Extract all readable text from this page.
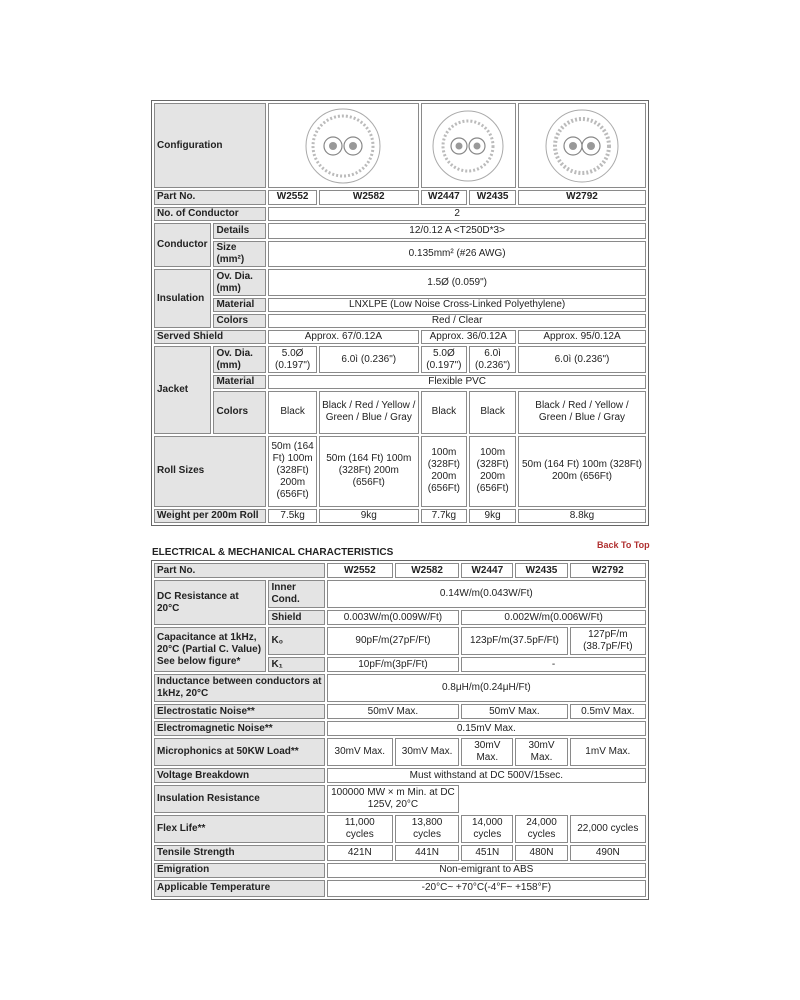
Configuration	

Part No.		W2552	W2582	W2447	W2435	W2792
No. of Conductor		2				
Conductor	Details	12/0.12 A <T250D*3>				
	Size (mm²)	0.135mm² (#26 AWG)				
Insulation	Ov. Dia. (mm)	1.5Ø (0.059")				
	Material	LNXLPE (Low Noise Cross-Linked Polyethylene)				
	Colors	Red / Clear				
Served Shield		Approx. 67/0.12A		Approx. 36/0.12A		Approx. 95/0.12A
Jacket	Ov. Dia. (mm)	5.0Ø (0.197")	6.0ì (0.236")	5.0Ø (0.197")	6.0ì (0.236")	6.0ì (0.236")
	Material	Flexible PVC				
	Colors	Black	Black / Red / Yellow / Green / Blue / Gray	Black	Black	Black / Red / Yellow / Green / Blue / Gray
Roll Sizes		50m (164 Ft) 100m (328Ft) 200m (656Ft)	50m (164 Ft) 100m (328Ft) 200m (656Ft)	100m (328Ft) 200m (656Ft)	100m (328Ft) 200m (656Ft)	50m (164 Ft) 100m (328Ft) 200m (656Ft)
Weight per 200m Roll		7.5kg	9kg	7.7kg	9kg	8.8kg
Back To Top
ELECTRICAL & MECHANICAL CHARACTERISTICS
Part No.		W2552	W2582	W2447	W2435	W2792
DC Resistance at 20°C	Inner Cond.	0.14W/m(0.043W/Ft)				
	Shield	0.003W/m(0.009W/Ft)		0.002W/m(0.006W/Ft)		
Capacitance at 1kHz, 20°C (Partial C. Value) See below figure*	K₀	90pF/m(27pF/Ft)		123pF/m(37.5pF/Ft)		127pF/m (38.7pF/Ft)
	K₁	10pF/m(3pF/Ft)		-		
Inductance between conductors at 1kHz, 20°C		0.8μH/m(0.24μH/Ft)				
Electrostatic Noise**		50mV Max.		50mV Max.		0.5mV Max.
Electromagnetic Noise**		0.15mV Max.				
Microphonics at 50KW Load**		30mV Max.	30mV Max.	30mV Max.	30mV Max.	1mV Max.
Voltage Breakdown		Must withstand at DC 500V/15sec.				
Insulation Resistance		100000 MW × m Min. at DC 125V, 20°C				
Flex Life**		11,000 cycles	13,800 cycles	14,000 cycles	24,000 cycles	22,000 cycles
Tensile Strength		421N	441N	451N	480N	490N
Emigration		Non-emigrant to ABS				
Applicable Temperature		-20°C~ +70°C(-4°F~ +158°F)				
